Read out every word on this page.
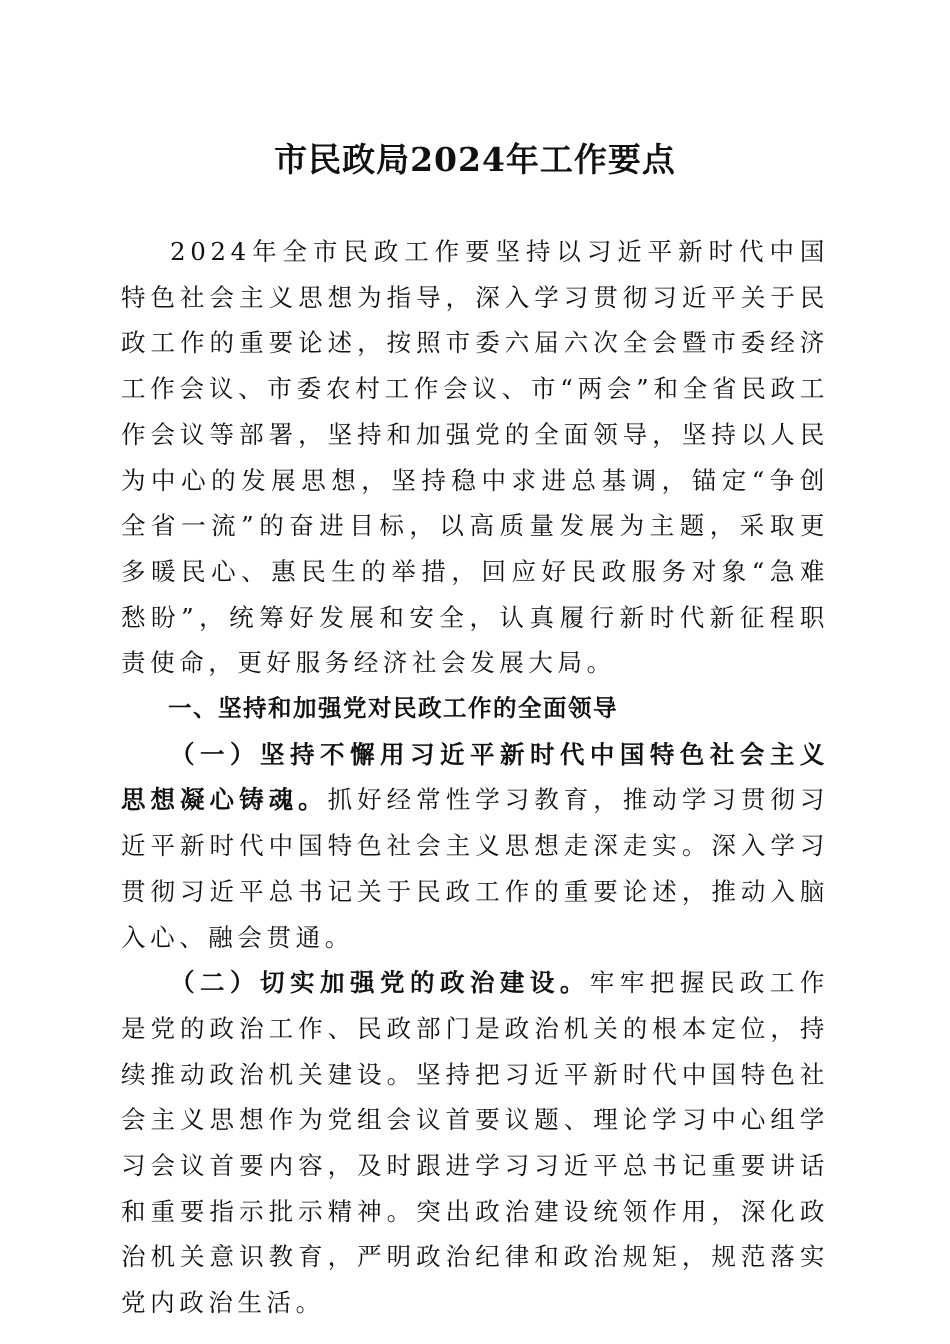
市民政局2024年工作要点

2024年全市民政工作要坚持以习近平新时代中国特色社会主义思想为指导，深入学习贯彻习近平关于民政工作的重要论述，按照市委六届六次全会暨市委经济工作会议、市委农村工作会议、市“两会”和全省民政工作会议等部署，坚持和加强党的全面领导，坚持以人民为中心的发展思想，坚持稳中求进总基调，锚定“争创全省一流”的奋进目标，以高质量发展为主题，采取更多暖民心、惠民生的举措，回应好民政服务对象“急难愁盼”，统筹好发展和安全，认真履行新时代新征程职责使命，更好服务经济社会发展大局。

一、坚持和加强党对民政工作的全面领导

（一）坚持不懈用习近平新时代中国特色社会主义思想凝心铸魂。抓好经常性学习教育，推动学习贯彻习近平新时代中国特色社会主义思想走深走实。深入学习贯彻习近平总书记关于民政工作的重要论述，推动入脑入心、融会贯通。

（二）切实加强党的政治建设。牢牢把握民政工作是党的政治工作、民政部门是政治机关的根本定位，持续推动政治机关建设。坚持把习近平新时代中国特色社会主义思想作为党组会议首要议题、理论学习中心组学习会议首要内容，及时跟进学习习近平总书记重要讲话和重要指示批示精神。突出政治建设统领作用，深化政治机关意识教育，严明政治纪律和政治规矩，规范落实党内政治生活。
